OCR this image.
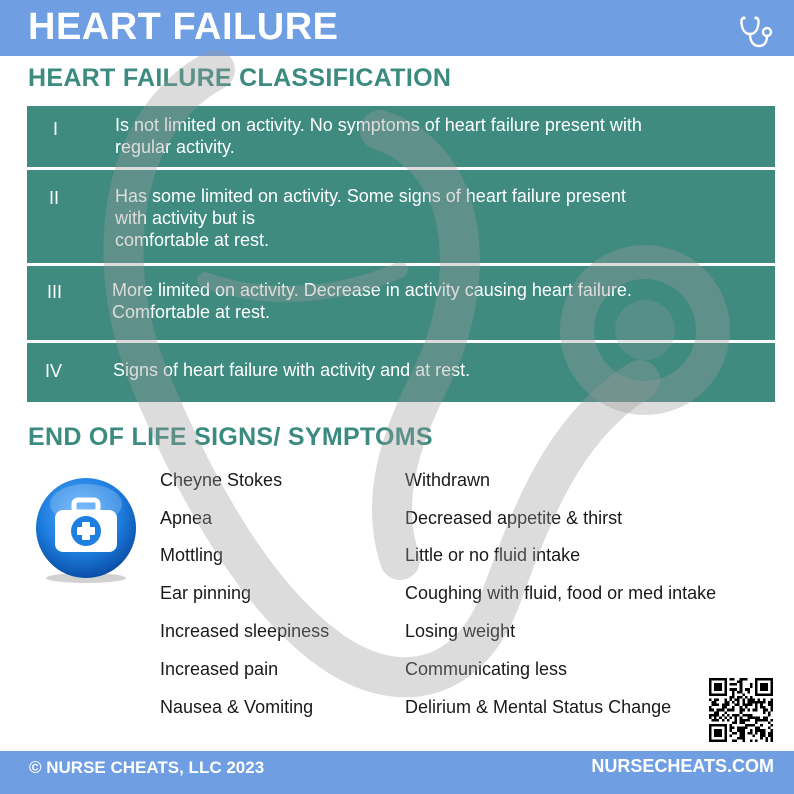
HEART FAILURE
HEART FAILURE CLASSIFICATION
I	Is not limited on activity. No symptoms of heart failure present with
regular activity.
II	Has some limited on activity. Some signs of heart failure present
with activity but is
comfortable at rest.
III	More limited on activity. Decrease in activity causing heart failure.
Comfortable at rest.
IV	Signs of heart failure with activity and at rest.
END OF LIFE SIGNS/ SYMPTOMS
Cheyne Stokes
Apnea
Mottling
Ear pinning
Increased sleepiness
Increased pain
Nausea & Vomiting
Withdrawn
Decreased appetite & thirst
Little or no fluid intake
Coughing with fluid, food or med intake
Losing weight
Communicating less
Delirium & Mental Status Change
© NURSE CHEATS, LLC 2023	NURSECHEATS.COM
